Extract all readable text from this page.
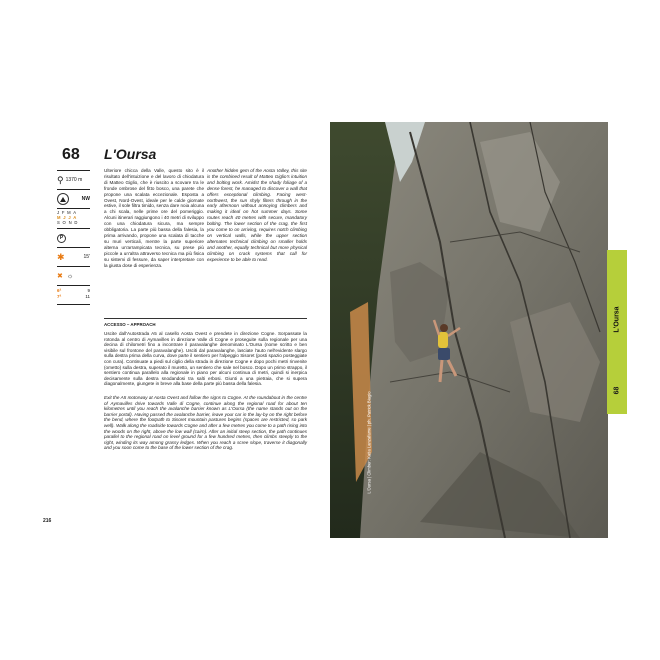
68 L'Oursa
⚲ 1370 m
NW
J F M A
M J J A
S O N D
P
✱	15'
✖ ☼
6ª	9
7ª	11
Ulteriore chicca della Valle, questo sito è il risultato dell'intuizione e del lavoro di chiodatura di Matteo Giglio, che è riuscito a scovare tra le fronde ombrose del fitto bosco, una parete che propone una scalata eccezionale. Esposta a Ovest, Nord-Ovest, ideale per le calde giornate estive, il sole filtra timido, senza dare noia alcuna a chi scala, nelle prime ore del pomeriggio. Alcuni itinerari raggiungono i 40 metri di sviluppo con una chiodatura sicura, ma sempre obbligatoria. La parte più bassa della falesia, la prima arrivando, propone una scalata di tacche su muri verticali, mentre la parte superiore alterna un'arrampicata tecnica, su prese più piccole a un'altra attraverso tecnica ma più fisica su sistemi di fessure, da saper interpretare con la giusta dose di esperienza.
Another hidden gem of the Aosta Valley, this site is the combined result of Matteo Giglio's intuition and bolting work. Amidst the shady foliage of a dense forest, he managed to discover a wall that offers exceptional climbing. Facing west-northwest, the sun shyly filters through in the early afternoon without annoying climbers and making it ideal on hot summer days. Some routes reach 40 metres with secure, mandatory bolting. The lower section of the crag, the first you come to on arriving, requires notch climbing on vertical walls, while the upper section alternates technical climbing on smaller holds and another, equally technical but more physical climbing on crack systems that call for experience to be able to read.
ACCESSO – APPROACH
Uscite dall'Autostrada A5 al casello Aosta Ovest e prendete in direzione Cogne. Sorpassate la rotonda al centro di Aymavilles in direzione Valle di Cogne e proseguite sulla regionale per una decina di chilometri fino a incontrare il paravalanghe denominato L'Oursa (nome scritto e ben visibile sul frontone del paravalanghe). Usciti dal paravalanghe, lasciate l'auto nell'evidente slargo sulla destra prima della curva, dove parte il sentiero per l'alpeggio Sisoret (posti spazio posteggiate con cura). Continuate a piedi sul ciglio della strada in direzione Cogne e dopo pochi metri rinvenite (ometto) sulla destra, superato il muretto, un sentiero che sale nel bosco. Dopo un primo strappo, il sentiero continua parallelo alla regionale in piano per alcuni continua di metri, quindi si inerpica decisamente sulla destra snodandosi tra salti erbosi. Giunti a una pietraia, che si supera diagonalmente, giungete in breve alla base della parte più bassa della falesia.
Exit the A5 motorway at Aosta Ovest and follow the signs to Cogne. At the roundabout in the centre of Aymavilles drive towards Valle di Cogne, continue along the regional road for about ten kilometres until you reach the avalanche barrier known as L'Oursa (the name stands out on the barrier portal). Having passed the avalanche barrier, leave your car in the lay-by on the right before the bend, where the footpath to Sisoret mountain pastures begins (spaces are restricted, so park well). Walk along the roadside towards Cogne and after a few metres you come to a path rising into the woods on the right, above the low wall (cairn). After an initial steep section, the path continues parallel to the regional road on level ground for a few hundred metres, then climbs steeply to the right, winding its way among grassy ledges. When you reach a scree slope, traverse it diagonally and you soon come to the base of the lower section of the crag.
216
L'Oursa | Climber: Katia Lanzafame | ph. Patrick Biagio
L'Oursa
68
